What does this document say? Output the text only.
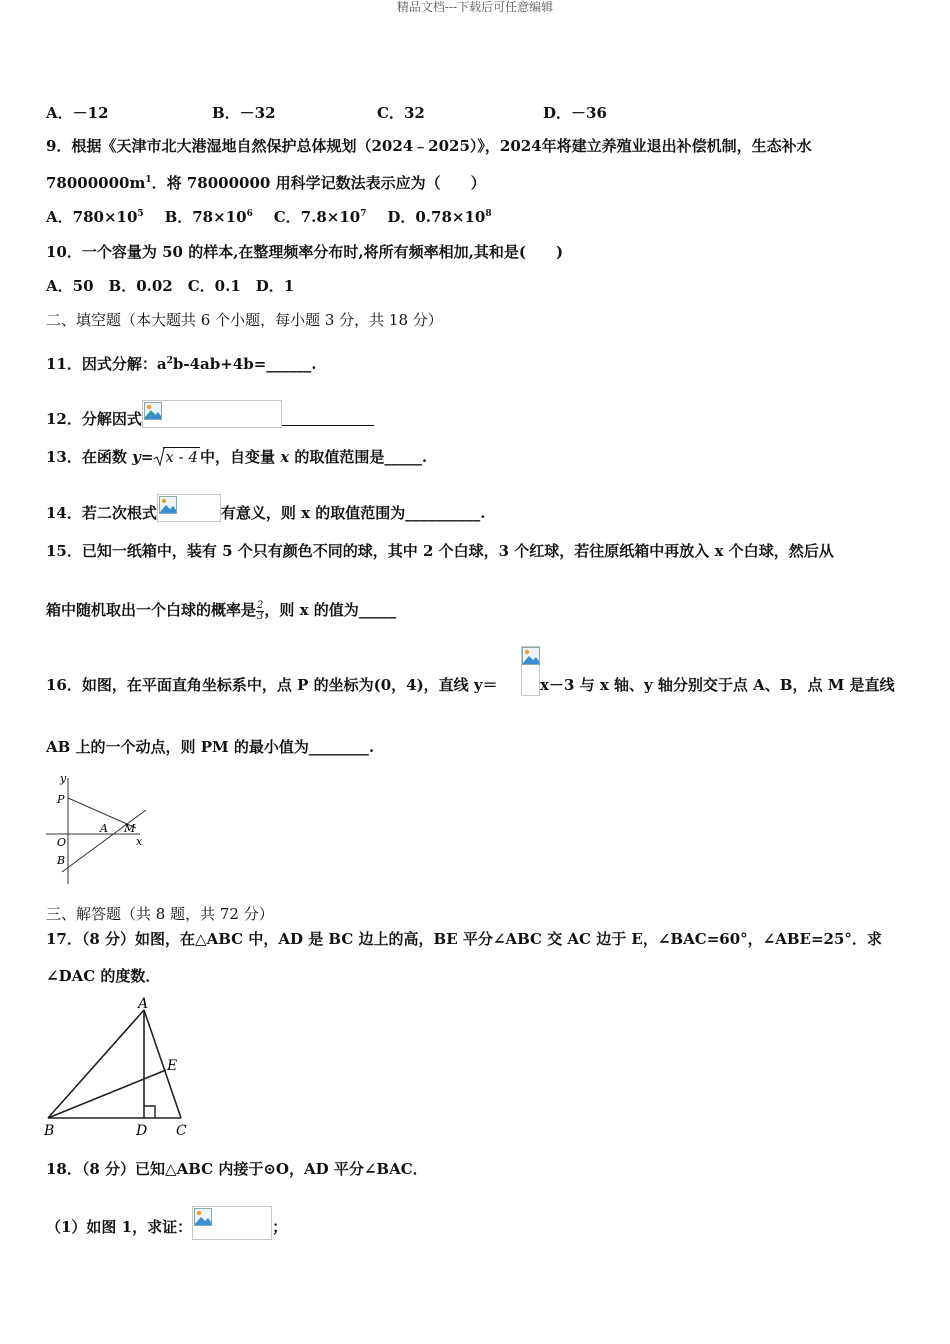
精品文档---下载后可任意编辑
A．－12	B．－32	C．32	D．－36
9．根据《天津市北大港湿地自然保护总体规划（2024﹣2025）》，2024年将建立养殖业退出补偿机制，生态补水
$78000000m^1$．将 78000000 用科学记数法表示应为（　　）
A．$780\times 10^5$ B．$78\times 10^6$ C．$7.8\times 10^7$ D．$0.78\times 10^8$
10．一个容量为 50 的样本,在整理频率分布时,将所有频率相加,其和是(　　)
A．50　B．0.02　C．0.1　D．1
二、填空题（本大题共 6 个小题，每小题 3 分，共 18 分）
11．因式分解：$a^2b-4ab+4b=\_\_\_\_\_\_$.
12．分解因式
13．在函数 y= x - 4 中，自变量 x 的取值范围是_____.
14．若二次根式	有意义，则 x 的取值范围为__________.
15．已知一纸箱中，装有 5 个只有颜色不同的球，其中 2 个白球，3 个红球，若往原纸箱中再放入 x 个白球，然后从
箱中随机取出一个白球的概率是 $\frac{2}{3}$ ，则 x 的值为_____
16．如图，在平面直角坐标系中，点 P 的坐标为(0，4)，直线 y＝	x－3 与 x 轴、y 轴分别交于点 A、B，点 M 是直线
AB 上的一个动点，则 PM 的最小值为________.
y
P
O
A M
x
B
三、解答题（共 8 题，共 72 分）
17．（8 分）如图，在△ABC 中，AD 是 BC 边上的高，BE 平分∠ABC 交 AC 边于 E，∠BAC=60°，∠ABE=25°．求
∠DAC 的度数．
A
E
B	D C
18．（8 分）已知△ABC 内接于⊙O，AD 平分∠BAC．
（1）如图 1，求证：	；
